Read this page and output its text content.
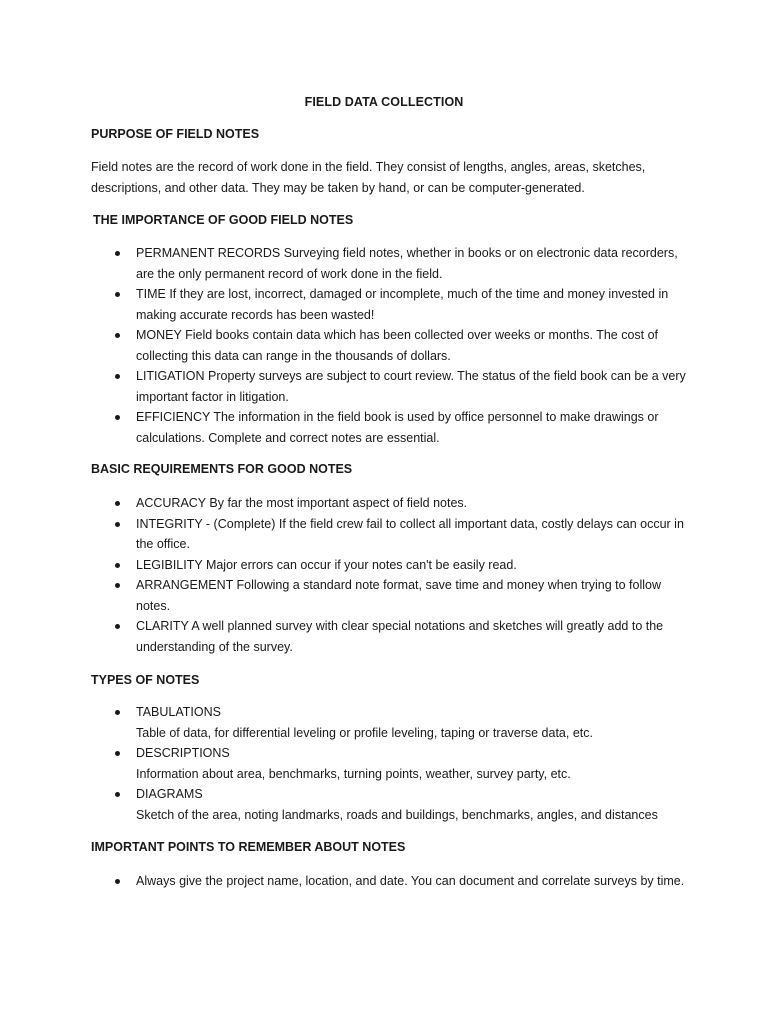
FIELD DATA COLLECTION
PURPOSE OF FIELD NOTES

Field notes are the record of work done in the field. They consist of lengths, angles, areas, sketches, descriptions, and other data. They may be taken by hand, or can be computer-generated.

THE IMPORTANCE OF GOOD FIELD NOTES
PERMANENT RECORDS Surveying field notes, whether in books or on electronic data recorders, are the only permanent record of work done in the field.
TIME If they are lost, incorrect, damaged or incomplete, much of the time and money invested in making accurate records has been wasted!
MONEY Field books contain data which has been collected over weeks or months. The cost of collecting this data can range in the thousands of dollars.
LITIGATION Property surveys are subject to court review. The status of the field book can be a very important factor in litigation.
EFFICIENCY The information in the field book is used by office personnel to make drawings or calculations. Complete and correct notes are essential.
BASIC REQUIREMENTS FOR GOOD NOTES
ACCURACY By far the most important aspect of field notes.
INTEGRITY - (Complete) If the field crew fail to collect all important data, costly delays can occur in the office.
LEGIBILITY Major errors can occur if your notes can't be easily read.
ARRANGEMENT Following a standard note format, save time and money when trying to follow notes.
CLARITY A well planned survey with clear special notations and sketches will greatly add to the understanding of the survey.
TYPES OF NOTES
TABULATIONS
Table of data, for differential leveling or profile leveling, taping or traverse data, etc.
DESCRIPTIONS
Information about area, benchmarks, turning points, weather, survey party, etc.
DIAGRAMS
Sketch of the area, noting landmarks, roads and buildings, benchmarks, angles, and distances
IMPORTANT POINTS TO REMEMBER ABOUT NOTES
Always give the project name, location, and date. You can document and correlate surveys by time.
